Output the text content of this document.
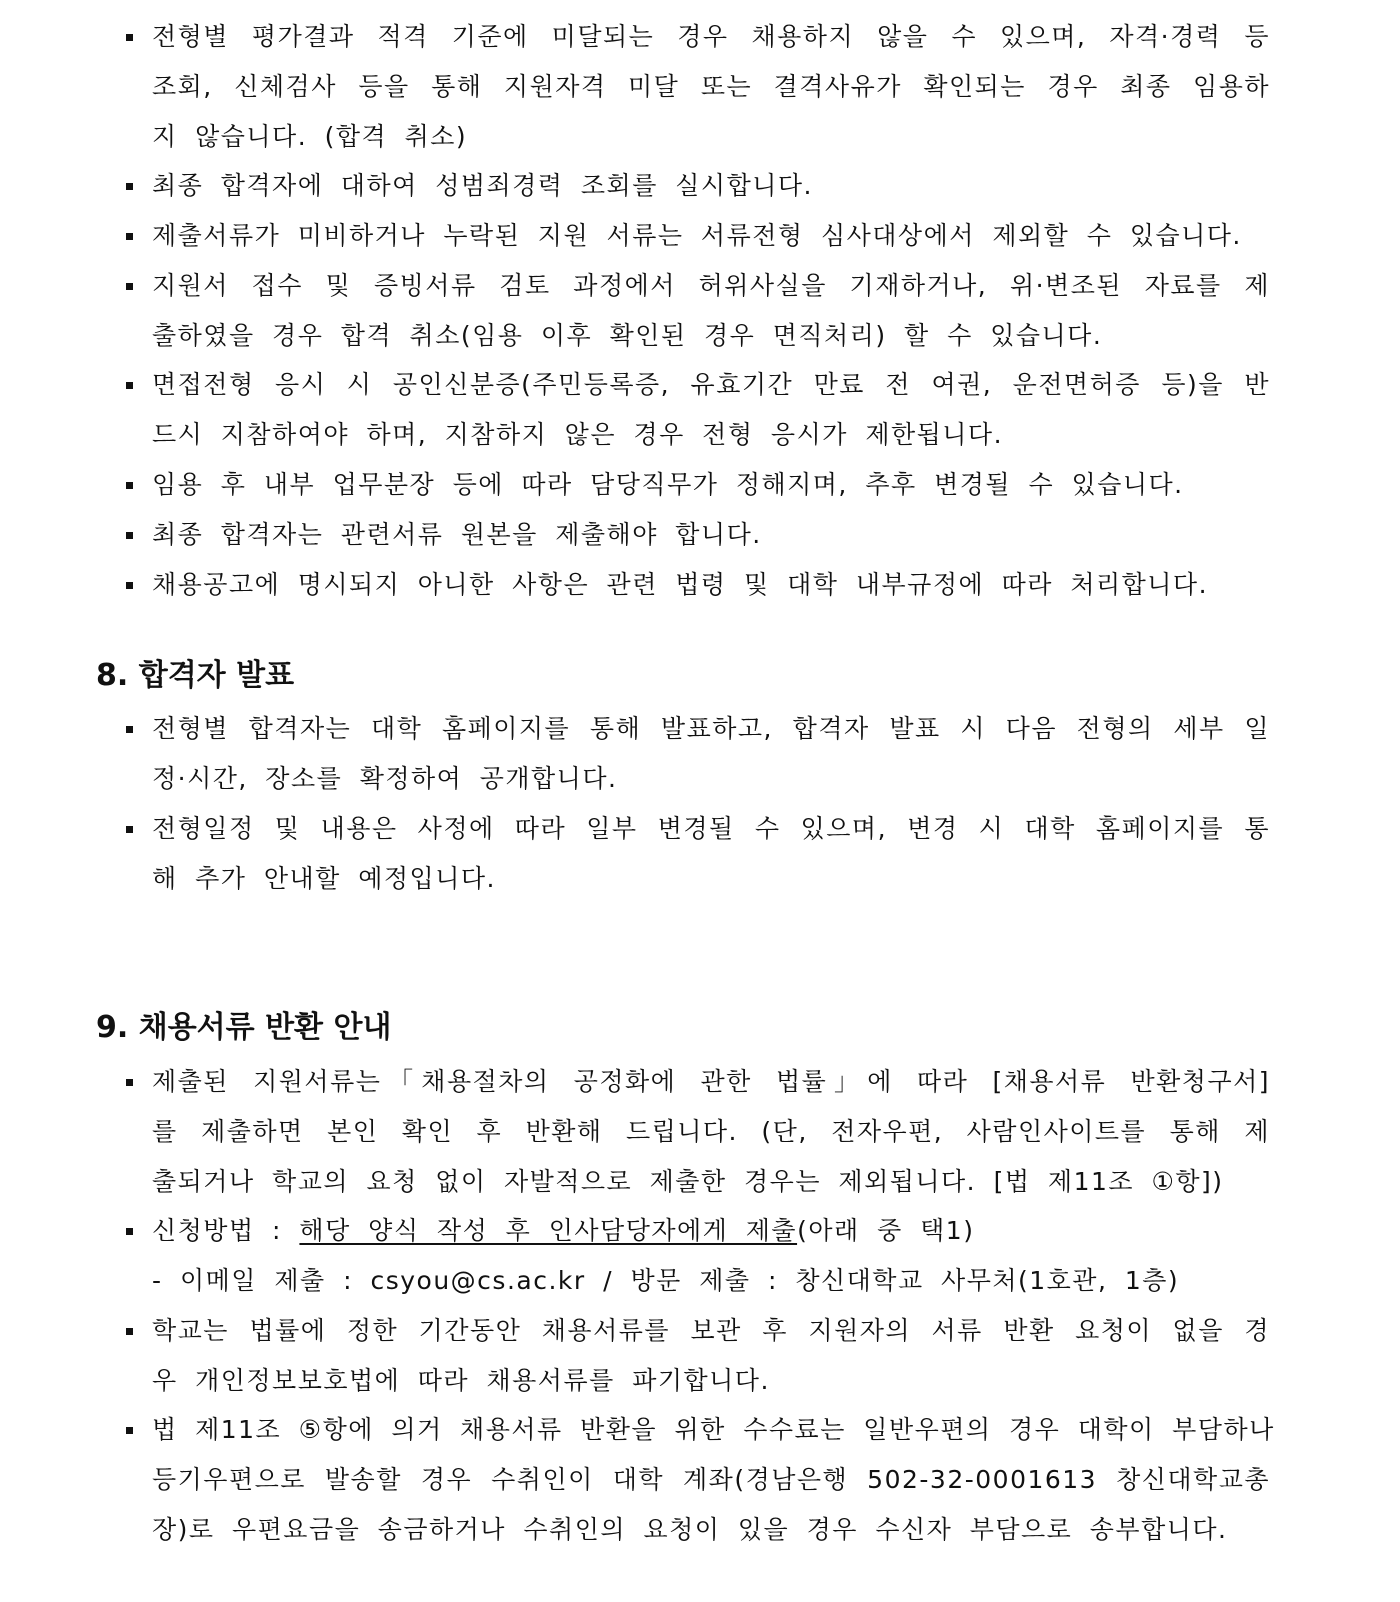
전형별 평가결과 적격 기준에 미달되는 경우 채용하지 않을 수 있으며, 자격·경력 등
조회, 신체검사 등을 통해 지원자격 미달 또는 결격사유가 확인되는 경우 최종 임용하
지 않습니다. (합격 취소)
최종 합격자에 대하여 성범죄경력 조회를 실시합니다.
제출서류가 미비하거나 누락된 지원 서류는 서류전형 심사대상에서 제외할 수 있습니다.
지원서 접수 및 증빙서류 검토 과정에서 허위사실을 기재하거나, 위·변조된 자료를 제
출하였을 경우 합격 취소(임용 이후 확인된 경우 면직처리) 할 수 있습니다.
면접전형 응시 시 공인신분증(주민등록증, 유효기간 만료 전 여권, 운전면허증 등)을 반
드시 지참하여야 하며, 지참하지 않은 경우 전형 응시가 제한됩니다.
임용 후 내부 업무분장 등에 따라 담당직무가 정해지며, 추후 변경될 수 있습니다.
최종 합격자는 관련서류 원본을 제출해야 합니다.
채용공고에 명시되지 아니한 사항은 관련 법령 및 대학 내부규정에 따라 처리합니다.
8. 합격자 발표
전형별 합격자는 대학 홈페이지를 통해 발표하고, 합격자 발표 시 다음 전형의 세부 일
정·시간, 장소를 확정하여 공개합니다.
전형일정 및 내용은 사정에 따라 일부 변경될 수 있으며, 변경 시 대학 홈페이지를 통
해 추가 안내할 예정입니다.
9. 채용서류 반환 안내
제출된 지원서류는「채용절차의 공정화에 관한 법률」에 따라 [채용서류 반환청구서]
를 제출하면 본인 확인 후 반환해 드립니다. (단, 전자우편, 사람인사이트를 통해 제
출되거나 학교의 요청 없이 자발적으로 제출한 경우는 제외됩니다. [법 제11조 ①항])
신청방법 : 해당 양식 작성 후 인사담당자에게 제출(아래 중 택1)
- 이메일 제출 : csyou@cs.ac.kr / 방문 제출 : 창신대학교 사무처(1호관, 1층)
학교는 법률에 정한 기간동안 채용서류를 보관 후 지원자의 서류 반환 요청이 없을 경
우 개인정보보호법에 따라 채용서류를 파기합니다.
법 제11조 ⑤항에 의거 채용서류 반환을 위한 수수료는 일반우편의 경우 대학이 부담하나
등기우편으로 발송할 경우 수취인이 대학 계좌(경남은행 502-32-0001613 창신대학교총
장)로 우편요금을 송금하거나 수취인의 요청이 있을 경우 수신자 부담으로 송부합니다.
